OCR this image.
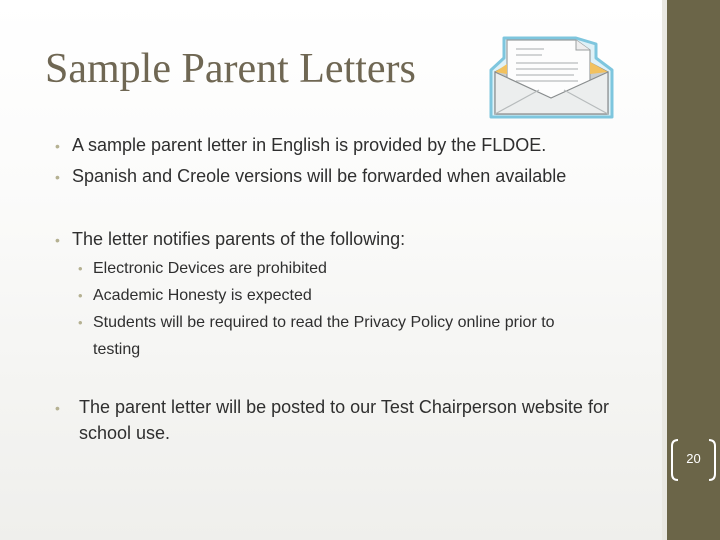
Sample Parent Letters
• A sample parent letter in English is provided by the FLDOE.
• Spanish and Creole versions will be forwarded when available
• The letter notifies parents of the following:
• Electronic Devices are prohibited
• Academic Honesty is expected
• Students will be required to read the Privacy Policy online prior to
testing
• The parent letter will be posted to our Test Chairperson website for
school use.
20
